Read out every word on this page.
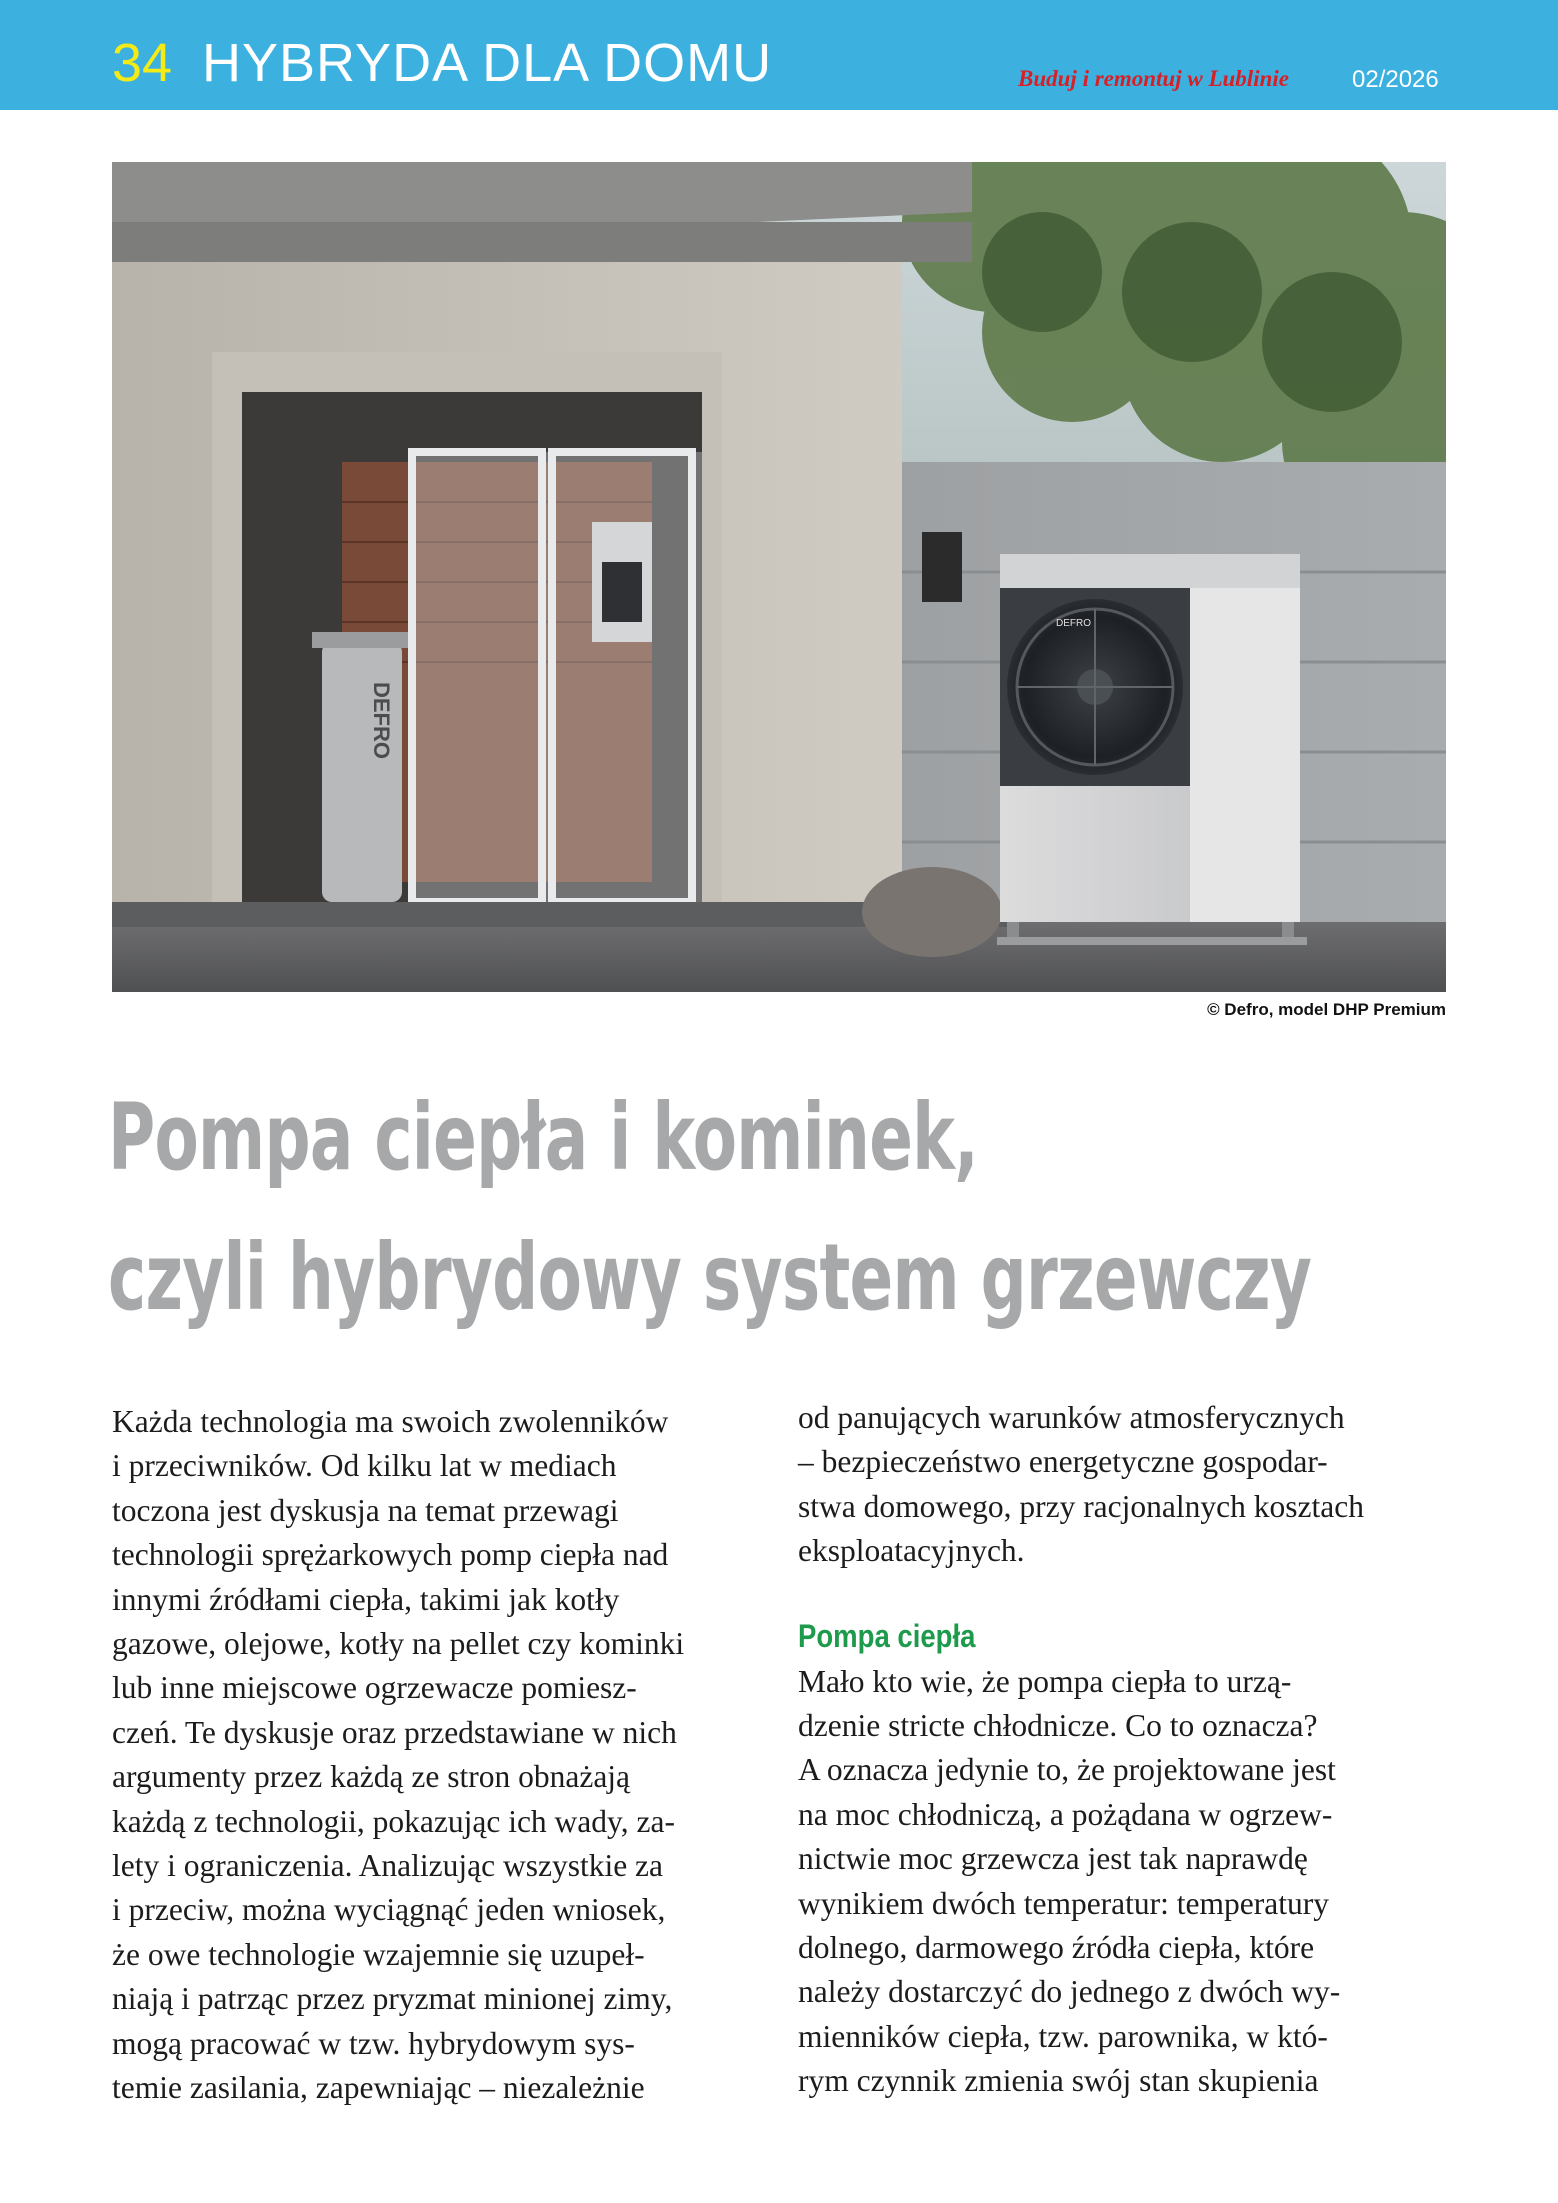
34 HYBRYDA DLA DOMU	Buduj i remontuj w Lublinie	02/2026
DEFRO
DEFRO
© Defro, model DHP Premium
Pompa ciepła i kominek,
czyli hybrydowy system grzewczy

Każda technologia ma swoich zwolenników

i przeciwników. Od kilku lat w mediach

toczona jest dyskusja na temat przewagi

technologii sprężarkowych pomp ciepła nad

innymi źródłami ciepła, takimi jak kotły

gazowe, olejowe, kotły na pellet czy kominki

lub inne miejscowe ogrzewacze pomiesz-

czeń. Te dyskusje oraz przedstawiane w nich

argumenty przez każdą ze stron obnażają

każdą z technologii, pokazując ich wady, za-

lety i ograniczenia. Analizując wszystkie za

i przeciw, można wyciągnąć jeden wniosek,

że owe technologie wzajemnie się uzupeł-

niają i patrząc przez pryzmat minionej zimy,

mogą pracować w tzw. hybrydowym sys-

temie zasilania, zapewniając – niezależnie

od panujących warunków atmosferycznych

– bezpieczeństwo energetyczne gospodar-

stwa domowego, przy racjonalnych kosztach

eksploatacyjnych.

Pompa ciepła

Mało kto wie, że pompa ciepła to urzą-

dzenie stricte chłodnicze. Co to oznacza?

A oznacza jedynie to, że projektowane jest

na moc chłodniczą, a pożądana w ogrzew-

nictwie moc grzewcza jest tak naprawdę

wynikiem dwóch temperatur: temperatury

dolnego, darmowego źródła ciepła, które

należy dostarczyć do jednego z dwóch wy-

mienników ciepła, tzw. parownika, w któ-

rym czynnik zmienia swój stan skupienia
